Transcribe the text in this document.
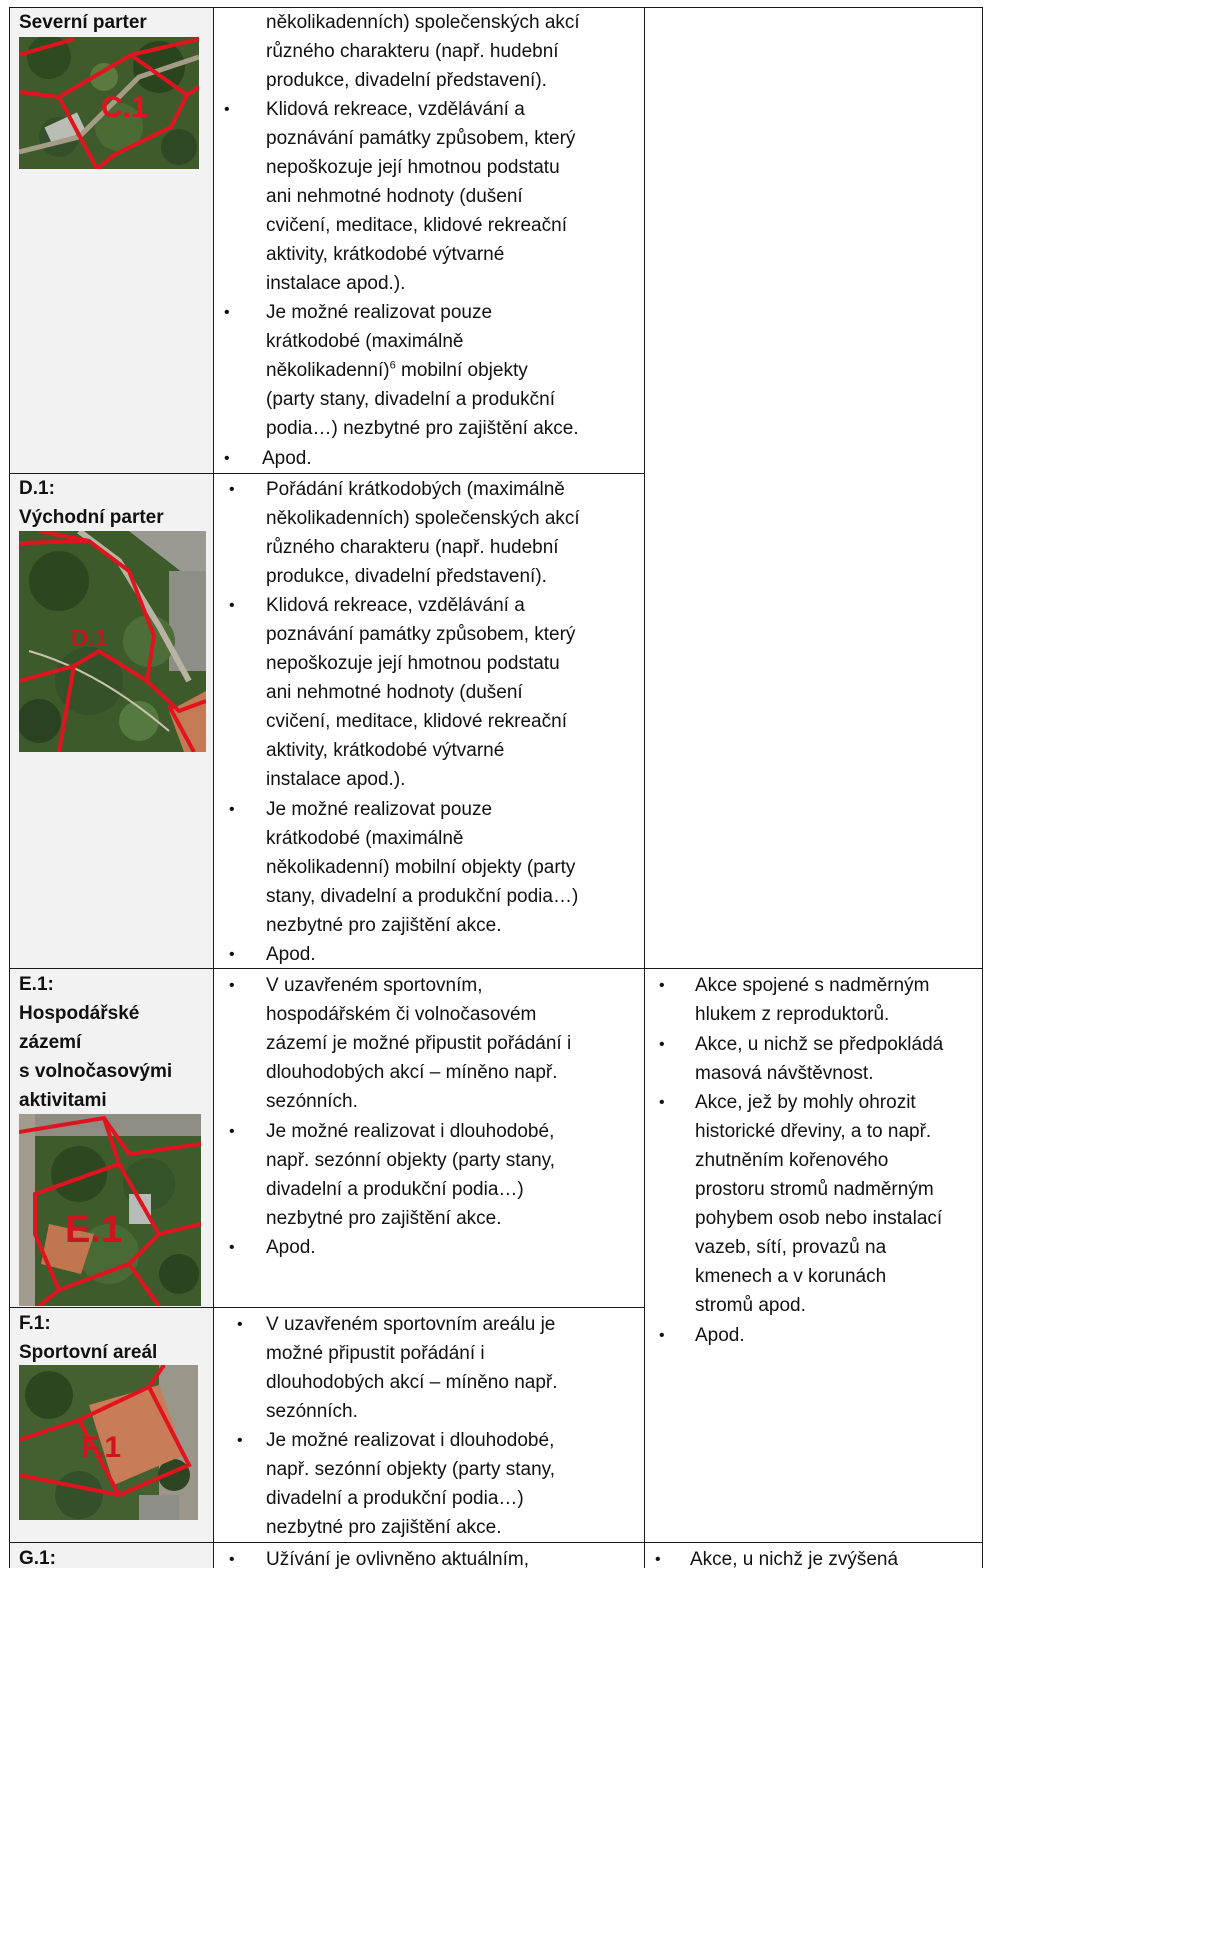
Severní parter
C.1
D.1:
Východní parter
D.1
E.1:
Hospodářské
zázemí
s volnočasovými
aktivitami
E.1
F.1:
Sportovní areál
F.1
G.1:
několikadenních) společenských akcí
různého charakteru (např. hudební
produkce, divadelní představení).
• Klidová rekreace, vzdělávání a
poznávání památky způsobem, který
nepoškozuje její hmotnou podstatu
ani nehmotné hodnoty (dušení
cvičení, meditace, klidové rekreační
aktivity, krátkodobé výtvarné
instalace apod.).
• Je možné realizovat pouze
krátkodobé (maximálně
několikadenní)$^6$ mobilní objekty
(party stany, divadelní a produkční
podia…) nezbytné pro zajištění akce.
• Apod.
• Pořádání krátkodobých (maximálně
několikadenních) společenských akcí
různého charakteru (např. hudební
produkce, divadelní představení).
• Klidová rekreace, vzdělávání a
poznávání památky způsobem, který
nepoškozuje její hmotnou podstatu
ani nehmotné hodnoty (dušení
cvičení, meditace, klidové rekreační
aktivity, krátkodobé výtvarné
instalace apod.).
• Je možné realizovat pouze
krátkodobé (maximálně
několikadenní) mobilní objekty (party
stany, divadelní a produkční podia…)
nezbytné pro zajištění akce.
• Apod.
• V uzavřeném sportovním,
hospodářském či volnočasovém
zázemí je možné připustit pořádání i
dlouhodobých akcí – míněno např.
sezónních.
• Je možné realizovat i dlouhodobé,
např. sezónní objekty (party stany,
divadelní a produkční podia…)
nezbytné pro zajištění akce.
• Apod.
• V uzavřeném sportovním areálu je
možné připustit pořádání i
dlouhodobých akcí – míněno např.
sezónních.
• Je možné realizovat i dlouhodobé,
např. sezónní objekty (party stany,
divadelní a produkční podia…)
nezbytné pro zajištění akce.
• Akce spojené s nadměrným
hlukem z reproduktorů.
• Akce, u nichž se předpokládá
masová návštěvnost.
• Akce, jež by mohly ohrozit
historické dřeviny, a to např.
zhutněním kořenového
prostoru stromů nadměrným
pohybem osob nebo instalací
vazeb, sítí, provazů na
kmenech a v korunách
stromů apod.
• Apod.
• Užívání je ovlivněno aktuálním,	• Akce, u nichž je zvýšená
